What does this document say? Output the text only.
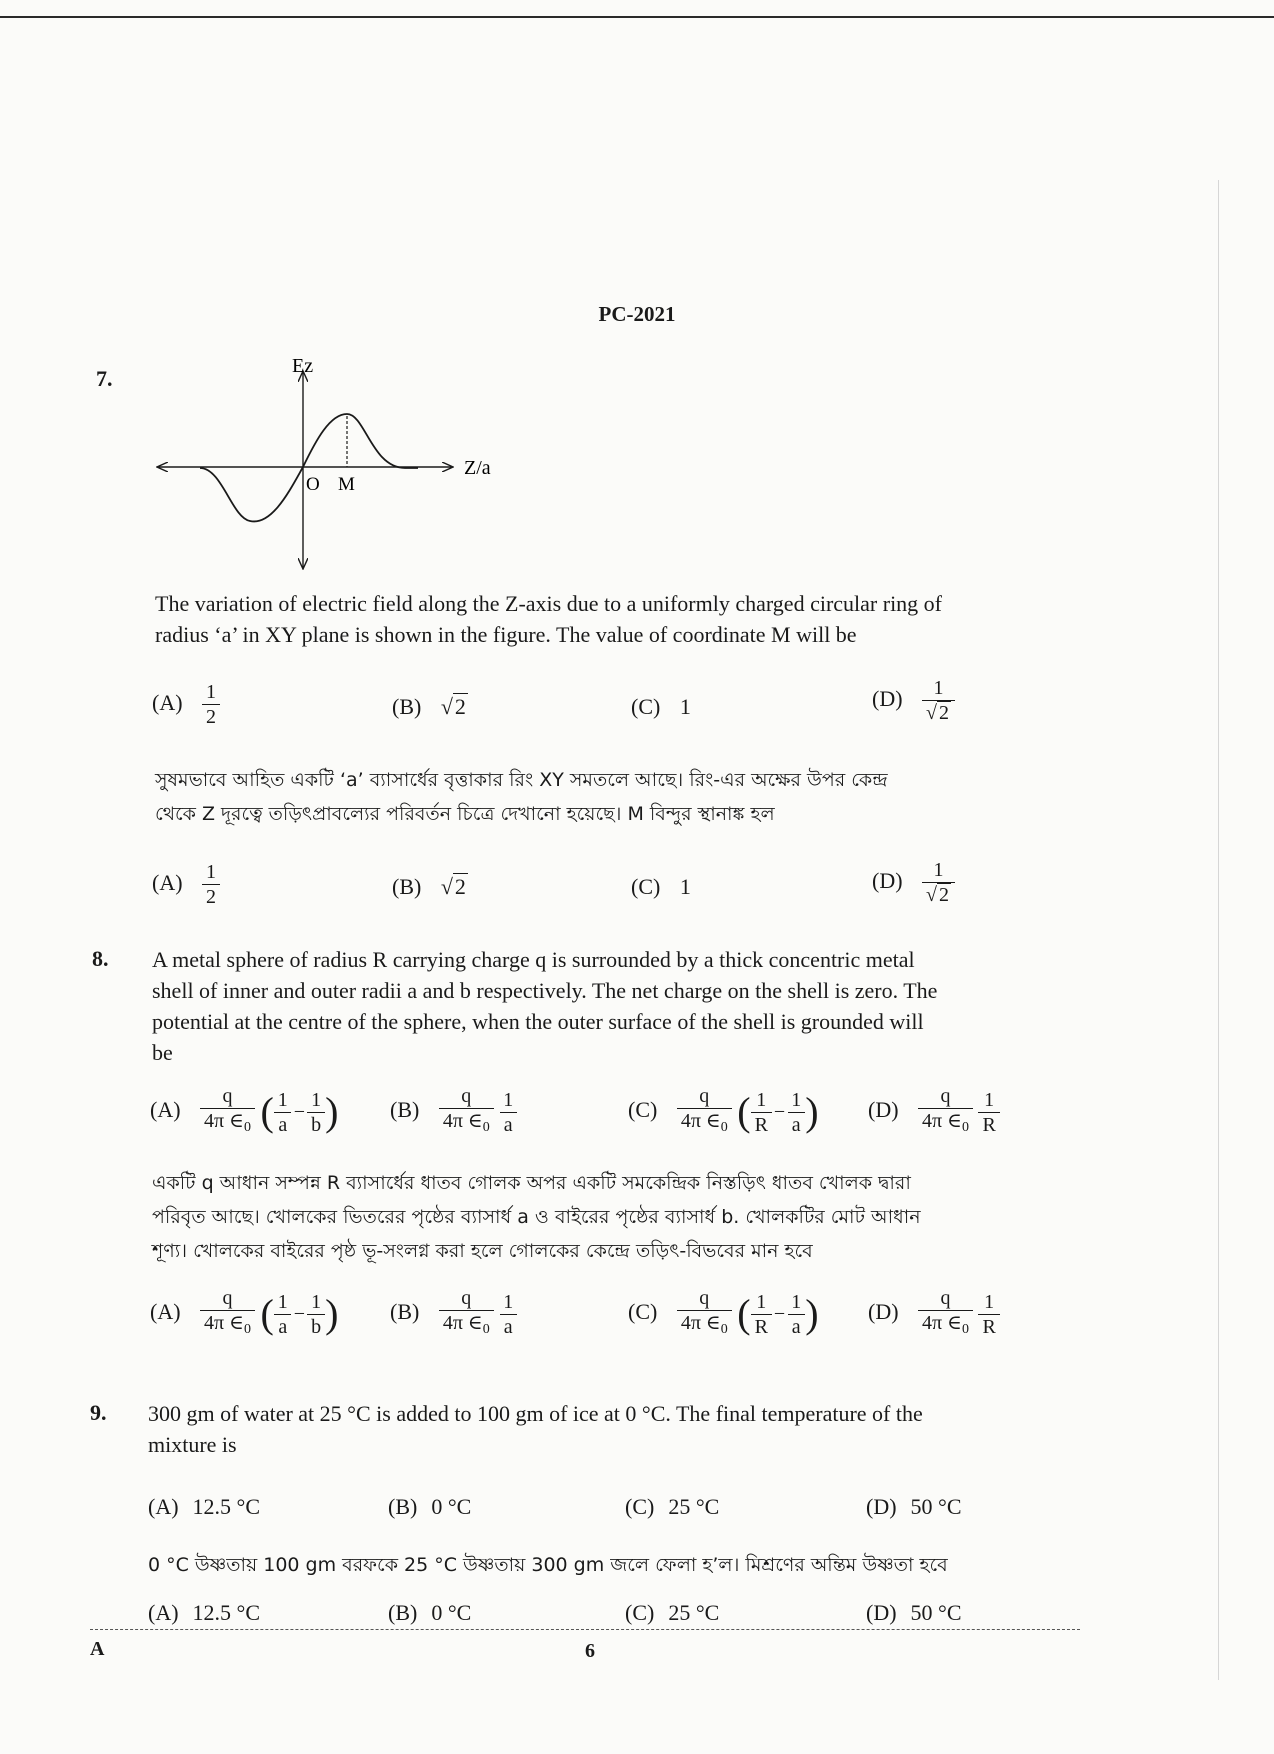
PC-2021
7.	Ez
Z/a
O M
The variation of electric field along the Z-axis due to a uniformly charged circular ring of
radius ‘a’ in XY plane is shown in the figure. The value of coordinate M will be
$(A) \frac{1}{2}$	(B) √2	(C) 1	$(D) \frac{1}{√ 2}$
সুষমভাবে আহিত একটি ‘a’ ব্যাসার্ধের বৃত্তাকার রিং XY সমতলে আছে। রিং-এর অক্ষের উপর কেন্দ্র
থেকে Z দূরত্বে তড়িৎপ্রাবল্যের পরিবর্তন চিত্রে দেখানো হয়েছে। M বিন্দুর স্থানাঙ্ক হল
$(A) \frac{1}{2}$	(B) √2	(C) 1	$(D) \frac{1}{√ 2}$
8. A metal sphere of radius R carrying charge q is surrounded by a thick concentric metal
shell of inner and outer radii a and b respectively. The net charge on the shell is zero. The
potential at the centre of the sphere, when the outer surface of the shell is grounded will
be
$(A) \frac{q}{4\pi \in_0}$ ( $\frac{1}{a} - \frac{1}{b}$ ) $(B) \frac{q}{4\pi \in_0}$
$\frac{1}{a}$	$(C) \frac{q}{4\pi \in_0}$ ( $\frac{1}{R} - \frac{1}{a}$ ) $(D) \frac{q}{4\pi \in_0}$
$\frac{1}{R}$
একটি q আধান সম্পন্ন R ব্যাসার্ধের ধাতব গোলক অপর একটি সমকেন্দ্রিক নিস্তড়িৎ ধাতব খোলক দ্বারা
পরিবৃত আছে। খোলকের ভিতরের পৃষ্ঠের ব্যাসার্ধ a ও বাইরের পৃষ্ঠের ব্যাসার্ধ b. খোলকটির মোট আধান
শূণ্য। খোলকের বাইরের পৃষ্ঠ ভূ-সংলগ্ন করা হলে গোলকের কেন্দ্রে তড়িৎ-বিভবের মান হবে
$(A) \frac{q}{4\pi \in_0}$ ( $\frac{1}{a} - \frac{1}{b}$ ) $(B) \frac{q}{4\pi \in_0}$
$\frac{1}{a}$	$(C) \frac{q}{4\pi \in_0}$ ( $\frac{1}{R} - \frac{1}{a}$ ) $(D) \frac{q}{4\pi \in_0}$
$\frac{1}{R}$
9. 300 gm of water at 25 °C is added to 100 gm of ice at 0 °C. The final temperature of the
mixture is
(A) 12.5 °C	(B) 0 °C	(C) 25 °C	(D) 50 °C
0 °C উষ্ণতায় 100 gm বরফকে 25 °C উষ্ণতায় 300 gm জলে ফেলা হ’ল। মিশ্রণের অন্তিম উষ্ণতা হবে
(A) 12.5 °C	(B) 0 °C	(C) 25 °C	(D) 50 °C
A	6
